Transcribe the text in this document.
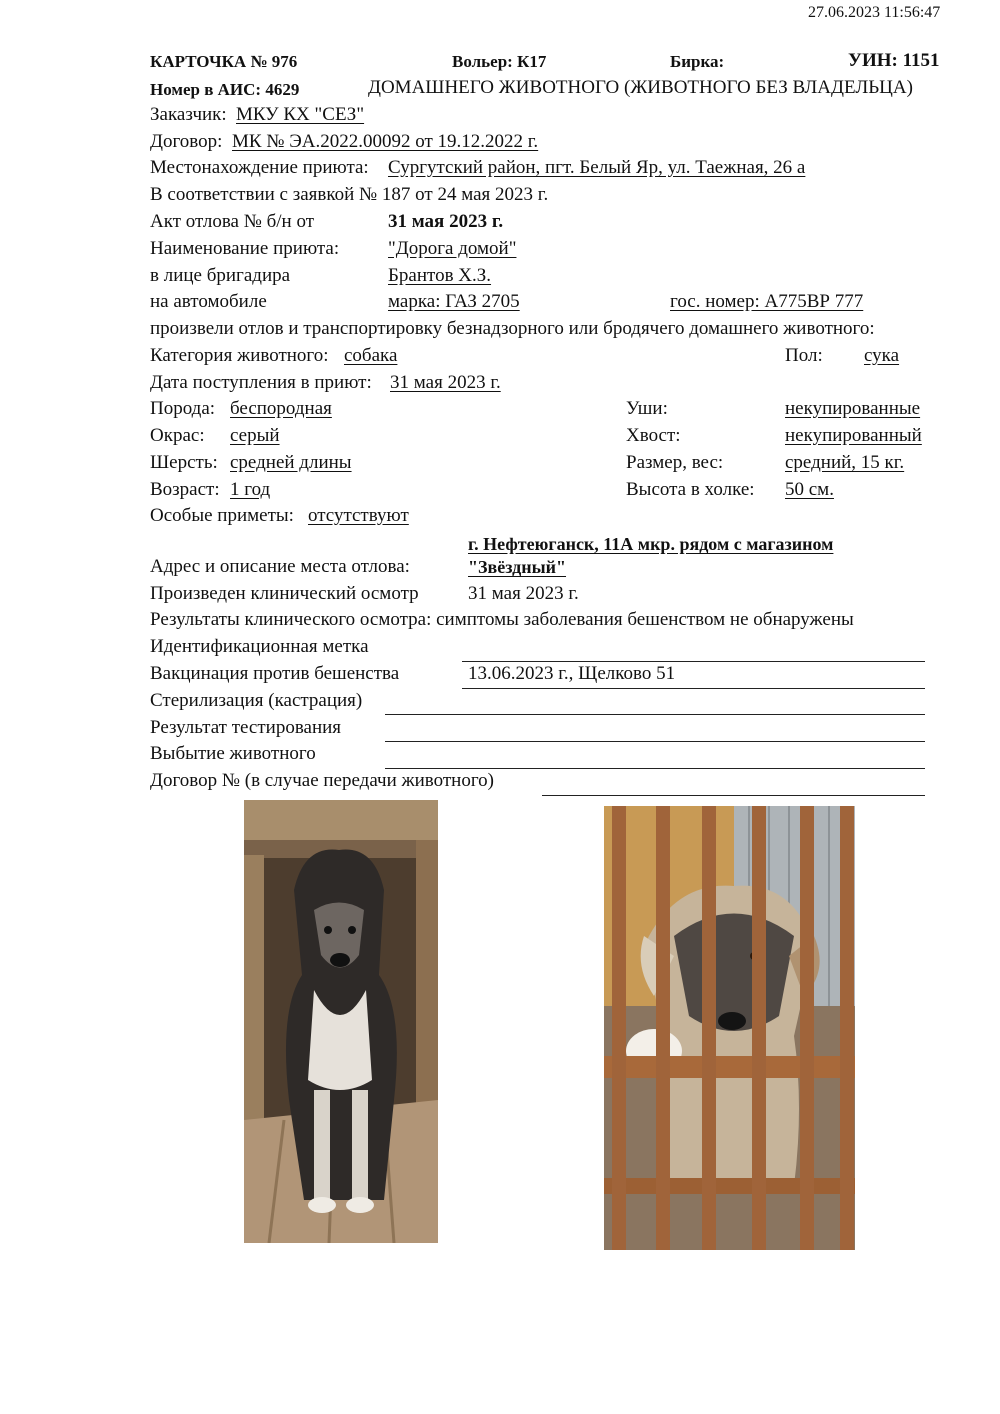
27.06.2023 11:56:47
КАРТОЧКА № 976	Вольер: К17	Бирка:	УИН: 1151
Номер в АИС: 4629	ДОМАШНЕГО ЖИВОТНОГО (ЖИВОТНОГО БЕЗ ВЛАДЕЛЬЦА)
Заказчик: МКУ КХ "СЕЗ"
Договор: МК № ЭА.2022.00092 от 19.12.2022 г.
Местонахождение приюта: Сургутский район, пгт. Белый Яр, ул. Таежная, 26 а
В соответствии с заявкой № 187 от 24 мая 2023 г.
Акт отлова № б/н от	31 мая 2023 г.
Наименование приюта:	"Дорога домой"
в лице бригадира	Брантов Х.З.
на автомобиле	марка: ГАЗ 2705	гос. номер: А775ВР 777
произвели отлов и транспортировку безнадзорного или бродячего домашнего животного:
Категория животного: собака	Пол: сука
Дата поступления в приют: 31 мая 2023 г.
Порода: беспородная	Уши:	некупированные
Окрас: серый	Хвост:	некупированный
Шерсть: средней длины	Размер, вес:	средний, 15 кг.
Возраст: 1 год	Высота в холке: 50 см.
Особые приметы: отсутствуют
г. Нефтеюганск, 11А мкр. рядом с магазином
Адрес и описание места отлова:	"Звёздный"
Произведен клинический осмотр	31 мая 2023 г.
Результаты клинического осмотра: симптомы заболевания бешенством не обнаружены
Идентификационная метка
Вакцинация против бешенства	13.06.2023 г., Щелково 51
Стерилизация (кастрация)
Результат тестирования
Выбытие животного
Договор № (в случае передачи животного)
